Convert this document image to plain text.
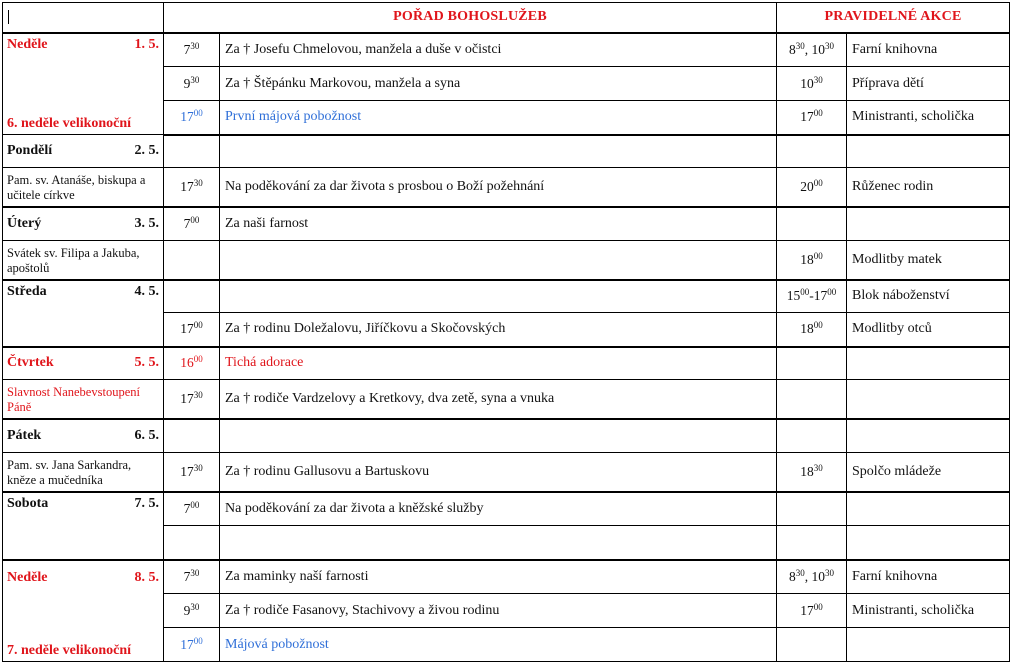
	POŘAD BOHOSLUŽEB		PRAVIDELNÉ AKCE	

Neděle 1. 5.
6. neděle velikonoční	$7^{30}$	Za † Josefu Chmelovou, manžela a duše v očistci	$8^{30}$, $10^{30}$	Farní knihovna
	$9^{30}$	Za † Štěpánku Markovou, manžela a syna	$10^{30}$	Příprava dětí
	$17^{00}$	První májová pobožnost	$17^{00}$	Ministranti, scholička

Pondělí 2. 5.				

Pam. sv. Atanáše, biskupa a učitele církve	$17^{30}$	Na poděkování za dar života s prosbou o Boží požehnání	$20^{00}$	Růženec rodin

Úterý 3. 5.	$7^{00}$	Za naši farnost		

Svátek sv. Filipa a Jakuba, apoštolů			$18^{00}$	Modlitby matek

Středa 4. 5.			$15^{00}-17^{00}$	Blok náboženství
	$17^{00}$	Za † rodinu Doležalovu, Jiříčkovu a Skočovských	$18^{00}$	Modlitby otců

Čtvrtek 5. 5.	$16^{00}$	Tichá adorace		

Slavnost Nanebevstoupení Páně	$17^{30}$	Za † rodiče Vardzelovy a Kretkovy, dva zetě, syna a vnuka		

Pátek 6. 5.				

Pam. sv. Jana Sarkandra, kněze a mučedníka	$17^{30}$	Za † rodinu Gallusovu a Bartuskovu	$18^{30}$	Spolčo mládeže

Sobota 7. 5.	$7^{00}$	Na poděkování za dar života a kněžské služby		

Neděle 8. 5.
7. neděle velikonoční	$7^{30}$	Za maminky naší farnosti	$8^{30}$, $10^{30}$	Farní knihovna
	$9^{30}$	Za † rodiče Fasanovy, Stachivovy a živou rodinu	$17^{00}$	Ministranti, scholička
	$17^{00}$	Májová pobožnost		
